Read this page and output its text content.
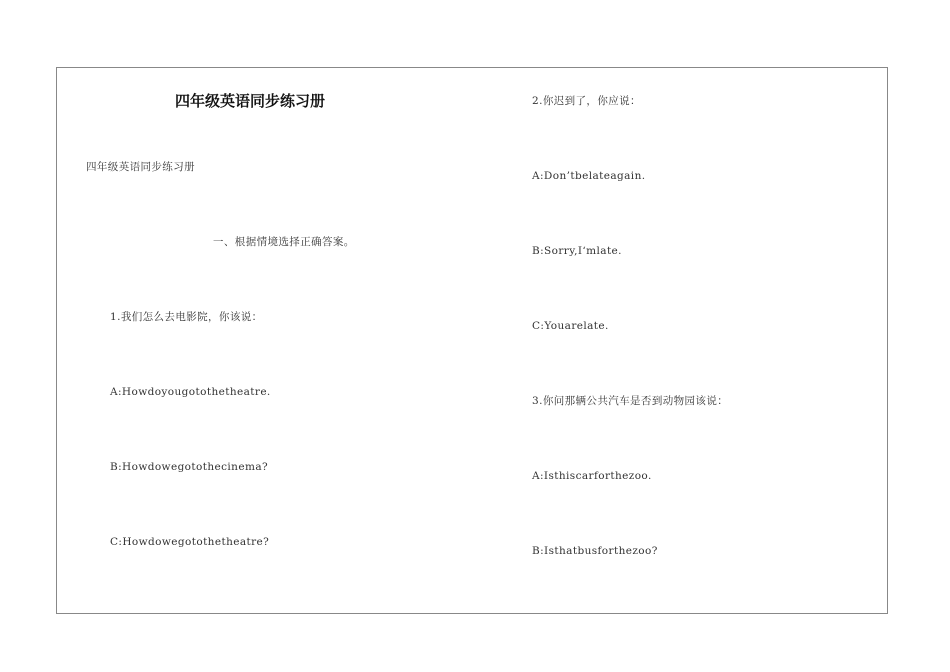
四年级英语同步练习册
四年级英语同步练习册
一、根据情境选择正确答案。
1.我们怎么去电影院，你该说：
A:Howdoyougotothetheatre.
B:Howdowegotothecinema?
C:Howdowegotothetheatre?
2.你迟到了，你应说：
A:Don’tbelateagain.
B:Sorry,I‘mlate.
C:Youarelate.
3.你问那辆公共汽车是否到动物园该说：
A:Isthiscarforthezoo.
B:Isthatbusforthezoo?
